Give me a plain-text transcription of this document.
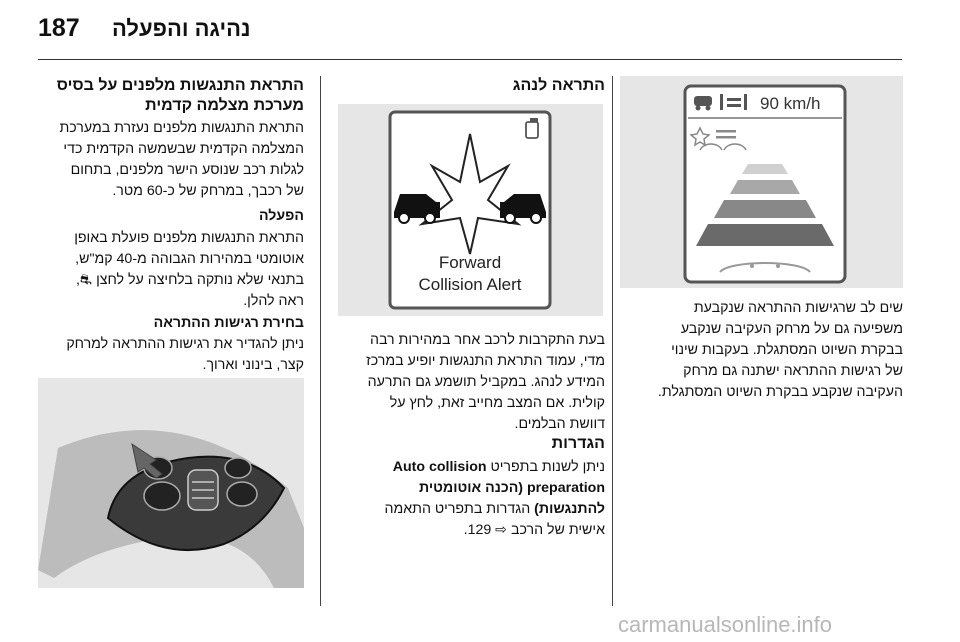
187 נהיגה והפעלה
90 km/h
שים לב שרגישות ההתראה שנקבעת
משפיעה גם על מרחק העקיבה שנקבע
בבקרת השיוט המסתגלת. בעקבות שינוי
של רגישות ההתראה ישתנה גם מרחק
העקיבה שנקבע בבקרת השיוט המסתגלת.
התראה לנהג
Forward
Collision Alert
בעת התקרבות לרכב אחר במהירות רבה
מדי, עמוד התראת התנגשות יופיע במרכז
המידע לנהג. במקביל תושמע גם התרעה
קולית. אם המצב מחייב זאת, לחץ על
דוושת הבלמים.
הגדרות
ניתן לשנות בתפריט Auto collision
preparation (הכנה אוטומטית
להתנגשות) הגדרות בתפריט התאמה
אישית של הרכב ⇨ 129.
התראת התנגשות מלפנים על בסיס
מערכת מצלמה קדמית
התראת התנגשות מלפנים נעזרת במערכת
המצלמה הקדמית שבשמשה הקדמית כדי
לגלות רכב שנוסע הישר מלפנים, בתחום
של רכבך, במרחק של כ-60 מטר.
הפעלה
התראת התנגשות מלפנים פועלת באופן
אוטומטי במהירות הגבוהה מ-40 קמ"ש,
בתנאי שלא נותקה בלחיצה על לחצן ⛐,
ראה להלן.
בחירת רגישות ההתראה
ניתן להגדיר את רגישות ההתראה למרחק
קצר, בינוני וארוך.
carmanualsonline.info
